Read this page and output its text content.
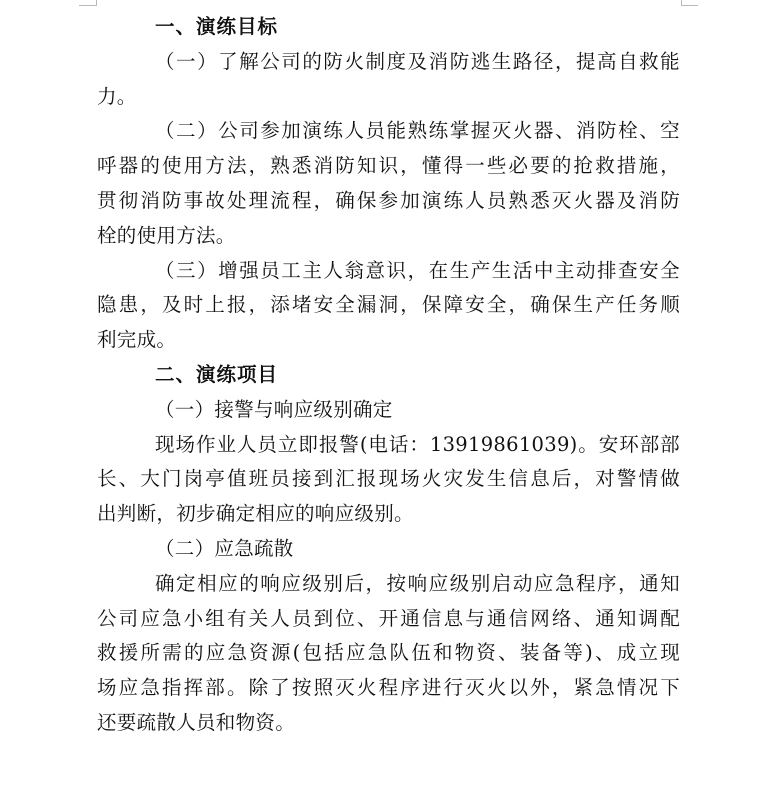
一、演练目标
（一）了解公司的防火制度及消防逃生路径，提高自救能
力。
（二）公司参加演练人员能熟练掌握灭火器、消防栓、空
呼器的使用方法，熟悉消防知识，懂得一些必要的抢救措施，
贯彻消防事故处理流程，确保参加演练人员熟悉灭火器及消防
栓的使用方法。
（三）增强员工主人翁意识，在生产生活中主动排查安全
隐患，及时上报，添堵安全漏洞，保障安全，确保生产任务顺
利完成。
二、演练项目
（一）接警与响应级别确定
现场作业人员立即报警(电话：13919861039)。安环部部
长、大门岗亭值班员接到汇报现场火灾发生信息后，对警情做
出判断，初步确定相应的响应级别。
（二）应急疏散
确定相应的响应级别后，按响应级别启动应急程序，通知
公司应急小组有关人员到位、开通信息与通信网络、通知调配
救援所需的应急资源(包括应急队伍和物资、装备等)、成立现
场应急指挥部。除了按照灭火程序进行灭火以外，紧急情况下
还要疏散人员和物资。
